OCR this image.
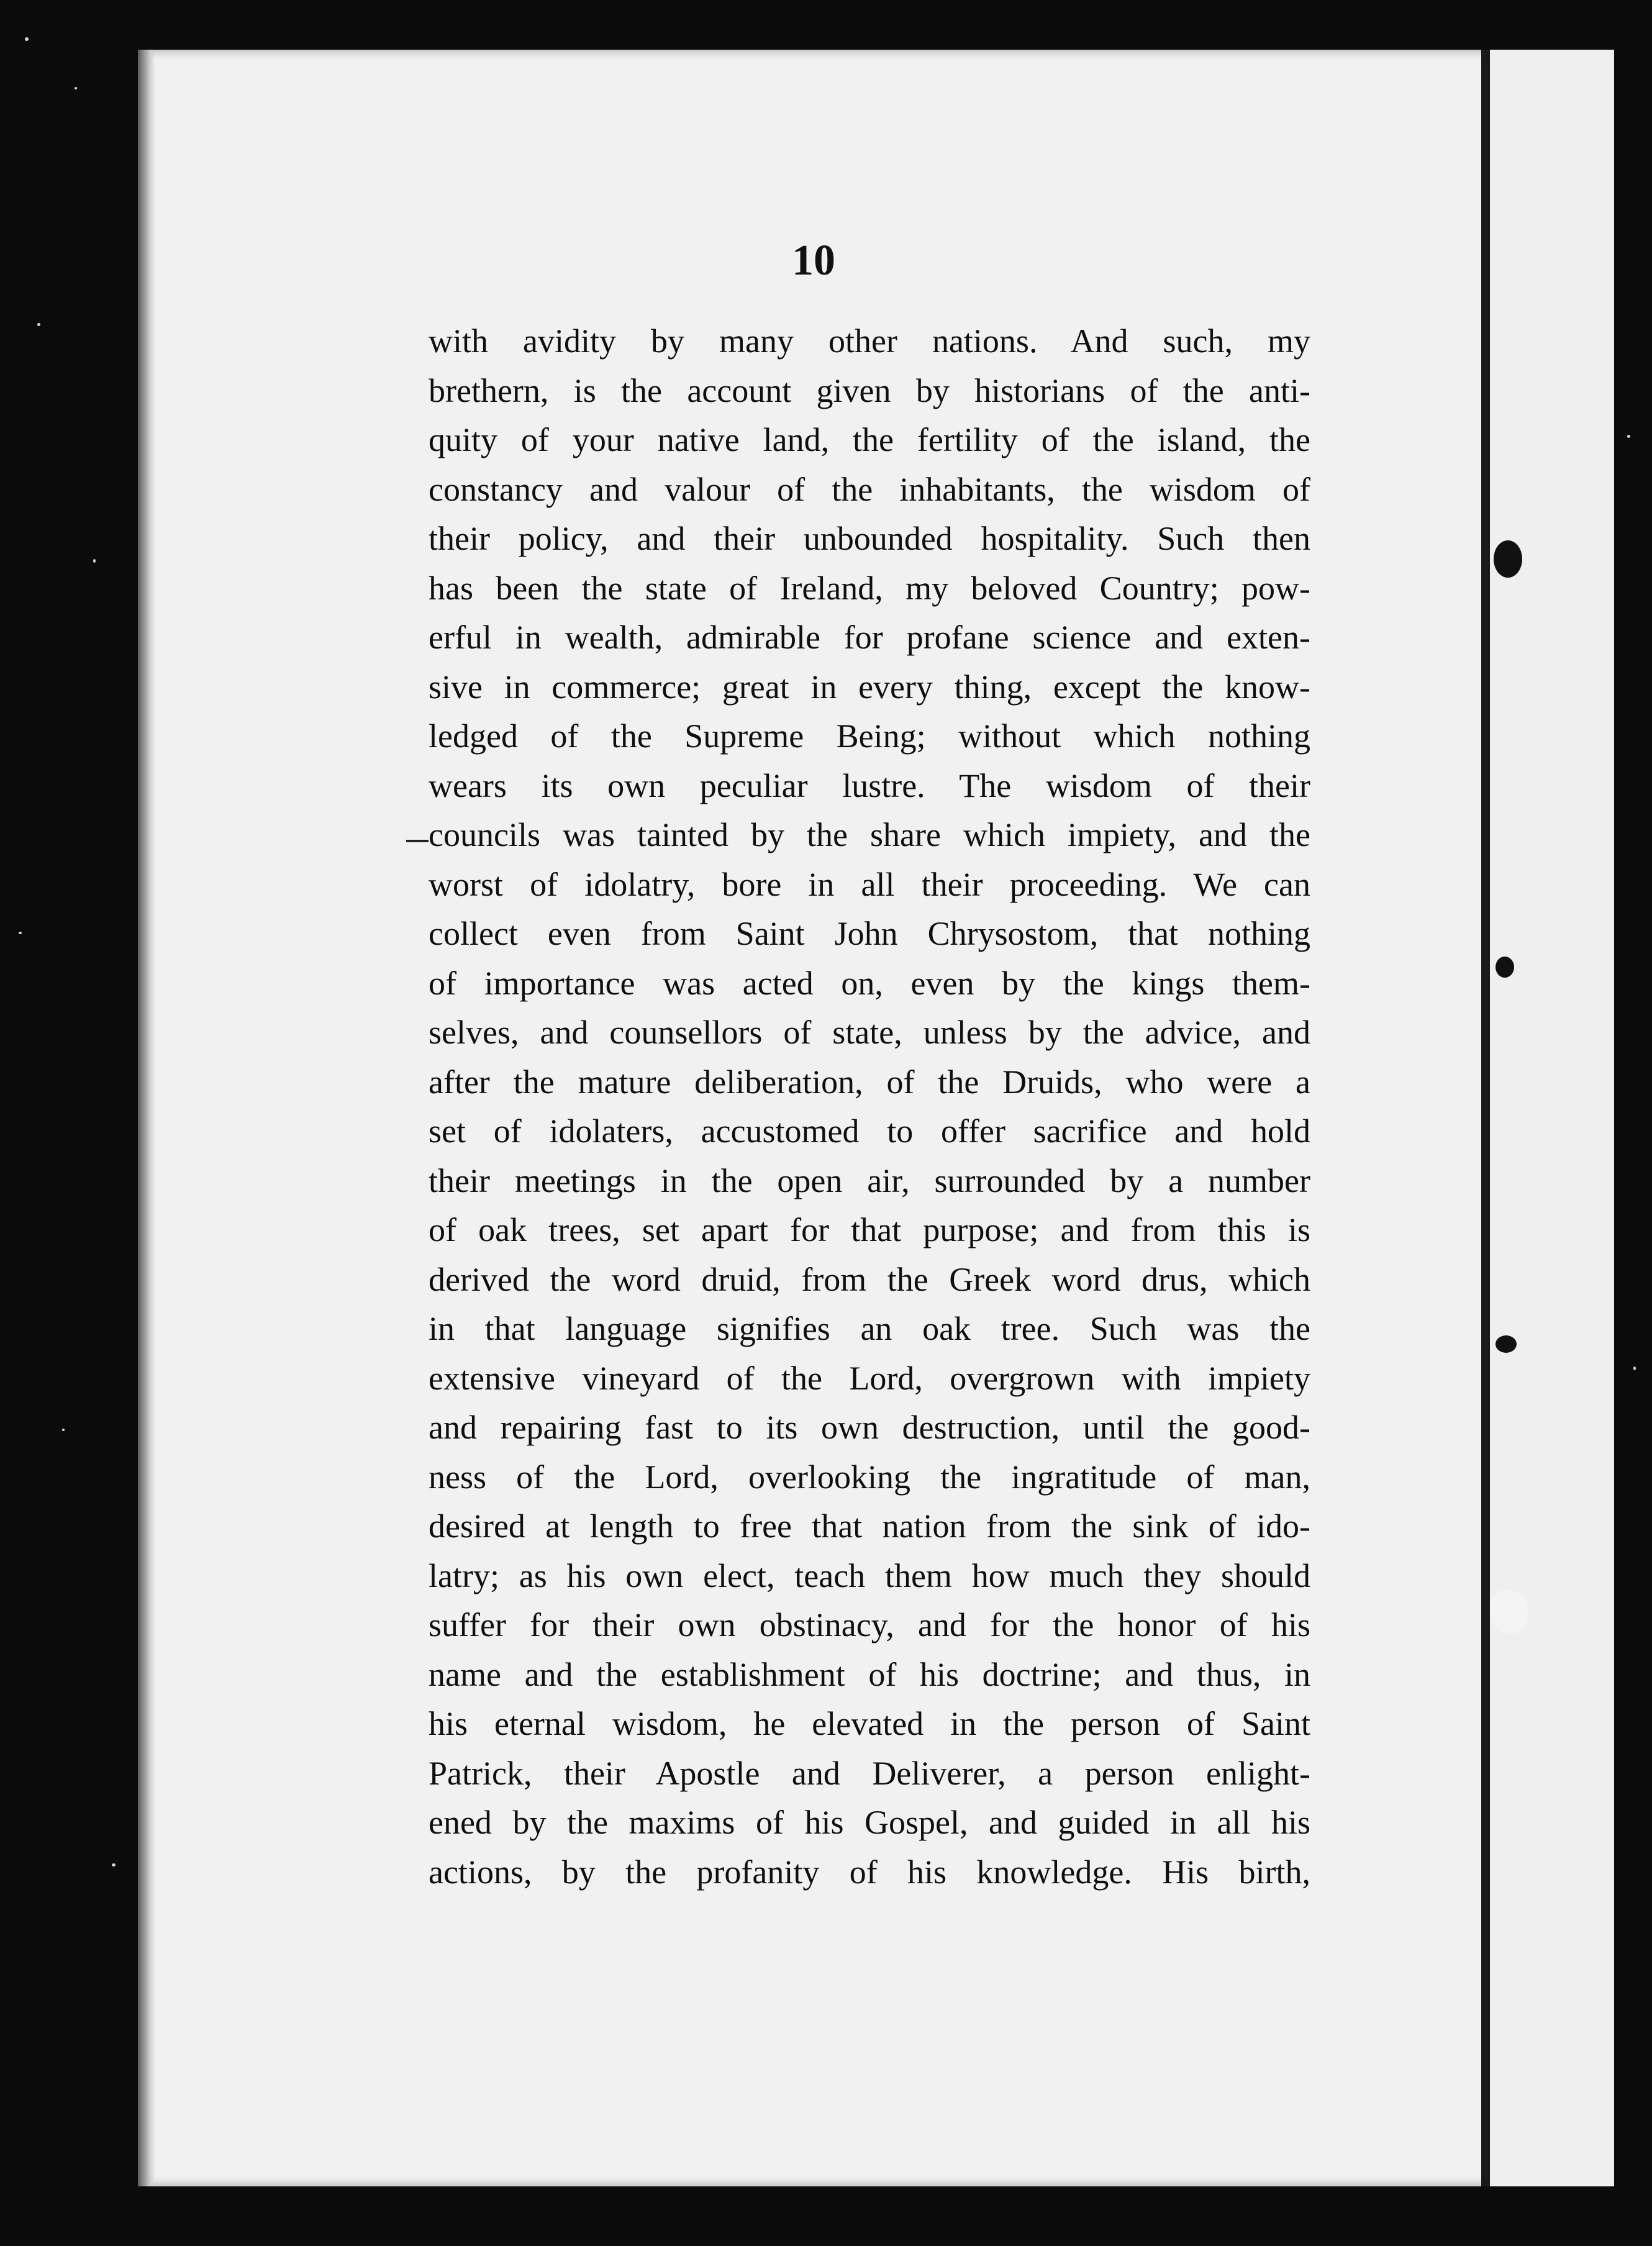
10
with avidity by many other nations. And such, my
brethern, is the account given by historians of the anti-
quity of your native land, the fertility of the island, the
constancy and valour of the inhabitants, the wisdom of
their policy, and their unbounded hospitality. Such then
has been the state of Ireland, my beloved Country; pow-
erful in wealth, admirable for profane science and exten-
sive in commerce; great in every thing, except the know-
ledged of the Supreme Being; without which nothing
wears its own peculiar lustre. The wisdom of their
councils was tainted by the share which impiety, and the
worst of idolatry, bore in all their proceeding. We can
collect even from Saint John Chrysostom, that nothing
of importance was acted on, even by the kings them-
selves, and counsellors of state, unless by the advice, and
after the mature deliberation, of the Druids, who were a
set of idolaters, accustomed to offer sacrifice and hold
their meetings in the open air, surrounded by a number
of oak trees, set apart for that purpose; and from this is
derived the word druid, from the Greek word drus, which
in that language signifies an oak tree. Such was the
extensive vineyard of the Lord, overgrown with impiety
and repairing fast to its own destruction, until the good-
ness of the Lord, overlooking the ingratitude of man,
desired at length to free that nation from the sink of ido-
latry; as his own elect, teach them how much they should
suffer for their own obstinacy, and for the honor of his
name and the establishment of his doctrine; and thus, in
his eternal wisdom, he elevated in the person of Saint
Patrick, their Apostle and Deliverer, a person enlight-
ened by the maxims of his Gospel, and guided in all his
actions, by the profanity of his knowledge. His birth,
